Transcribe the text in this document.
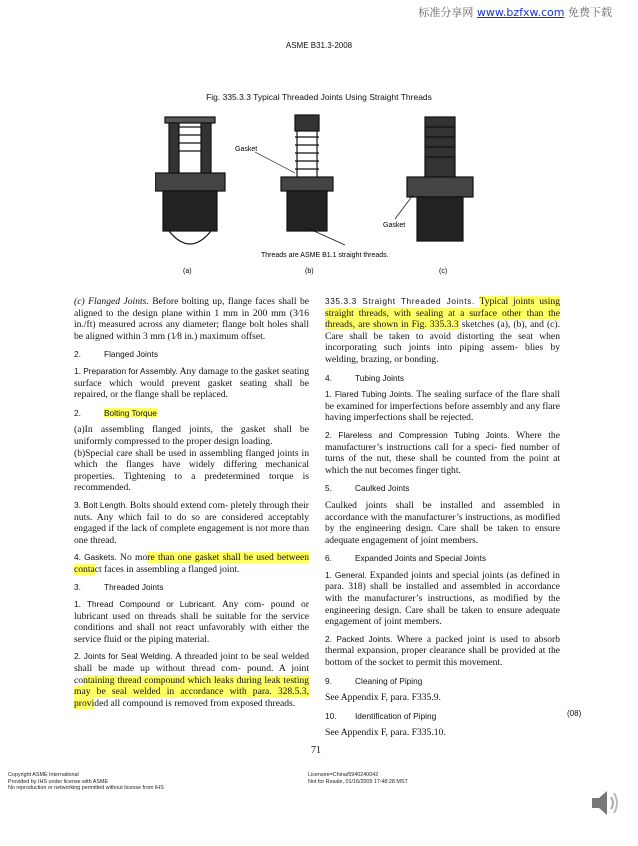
标准分享网 www.bzfxw.com 免费下载
ASME B31.3-2008
Fig. 335.3.3 Typical Threaded Joints Using Straight Threads
Gasket
Gasket
Threads are ASME B1.1 straight threads.
(a)	(b)	(c)

(c) Flanged Joints. Before bolting up, flange faces shall be aligned to the design plane within 1 mm in 200 mm (3⁄16 in./ft) measured across any diameter; flange bolt holes shall be aligned within 3 mm (1⁄8 in.) maximum offset.

2.	Flanged Joints

1. Preparation for Assembly. Any damage to the gasket seating surface which would prevent gasket seating shall be repaired, or the flange shall be replaced.

2.	Bolting Torque

(a)In assembling flanged joints, the gasket shall be uniformly compressed to the proper design loading.

(b)Special care shall be used in assembling flanged joints in which the flanges have widely differing mechanical properties. Tightening to a predetermined torque is recommended.

3. Bolt Length. Bolts should extend com- pletely through their nuts. Any which fail to do so are considered acceptably engaged if the lack of complete engagement is not more than one thread.

4. Gaskets. No more than one gasket shall be used between contact faces in assembling a flanged joint.

3.	Threaded Joints

1. Thread Compound or Lubricant. Any com- pound or lubricant used on threads shall be suitable for the service conditions and shall not react unfavorably with either the service fluid or the piping material.

2. Joints for Seal Welding. A threaded joint to be seal welded shall be made up without thread com- pound. A joint containing thread compound which leaks during leak testing may be seal welded in accordance with para. 328.5.3, provided all compound is removed from exposed threads.

335.3.3 Straight Threaded Joints. Typical joints using straight threads, with sealing at a surface other than the threads, are shown in Fig. 335.3.3 sketches (a), (b), and (c). Care shall be taken to avoid distorting the seat when incorporating such joints into piping assem- blies by welding, brazing, or bonding.

4.	Tubing Joints

1. Flared Tubing Joints. The sealing surface of the flare shall be examined for imperfections before assembly and any flare having imperfections shall be rejected.

2. Flareless and Compression Tubing Joints. Where the manufacturer’s instructions call for a speci- fied number of turns of the nut, these shall be counted from the point at which the nut becomes finger tight.

5.	Caulked Joints

Caulked joints shall be installed and assembled in accordance with the manufacturer’s instructions, as modified by the engineering design. Care shall be taken to ensure adequate engagement of joint members.

6.	Expanded Joints and Special Joints

1. General. Expanded joints and special joints (as defined in para. 318) shall be installed and assembled in accordance with the manufacturer’s instructions, as modified by the engineering design. Care shall be taken to ensure adequate engagement of joint members.

2. Packed Joints. Where a packed joint is used to absorb thermal expansion, proper clearance shall be provided at the bottom of the socket to permit this movement.

9.	Cleaning of Piping

See Appendix F, para. F335.9.

10. Identification of Piping

See Appendix F, para. F335.10.

(08)
71
Copyright ASME International
Provided by IHS under license with ASME
No reproduction or networking permitted without license from IHS
Licensee=China/5940240042
Not for Resale, 01/16/2009 17:48:28 MST
